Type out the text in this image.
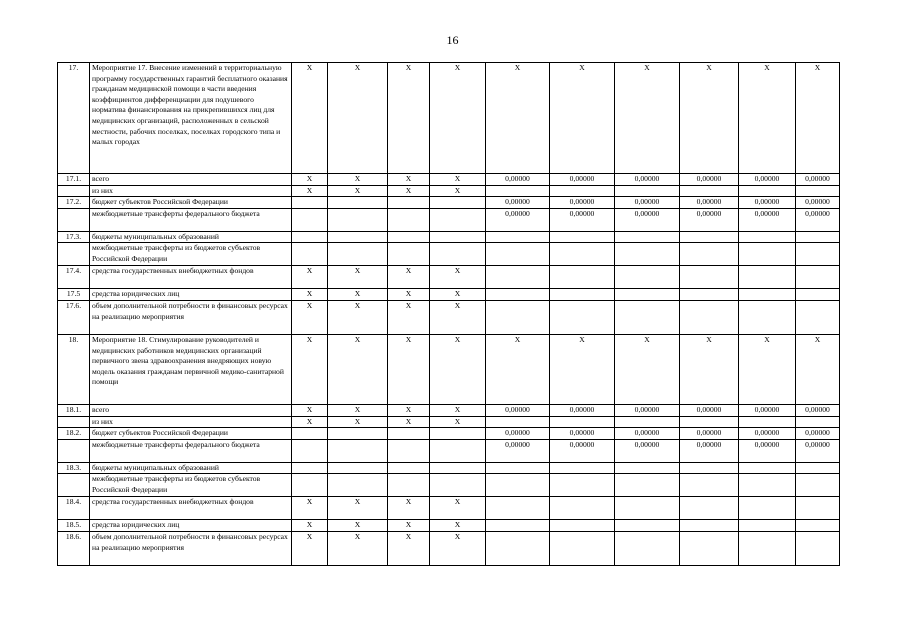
16
17.	Мероприятие 17. Внесение изменений в территориальную программу государственных гарантий бесплатного оказания гражданам медицинской помощи в части введения коэффициентов дифференциации для подушевого норматива финансирования на прикрепившихся лиц для медицинских организаций, расположенных в сельской местности, рабочих поселках, поселках городского типа и малых городах	X	X	X	X	X	X	X	X	X	X
17.1.	всего	X	X	X	X	0,00000	0,00000	0,00000	0,00000	0,00000	0,00000
	из них	X	X	X	X						
17.2.	бюджет субъектов Российской Федерации					0,00000	0,00000	0,00000	0,00000	0,00000	0,00000
	межбюджетные трансферты федерального бюджета					0,00000	0,00000	0,00000	0,00000	0,00000	0,00000
17.3.	бюджеты муниципальных образований										
	межбюджетные трансферты из бюджетов субъектов Российской Федерации										
17.4.	средства государственных внебюджетных фондов	X	X	X	X						
17.5	средства юридических лиц	X	X	X	X						
17.6.	объем дополнительной потребности в финансовых ресурсах на реализацию мероприятия	X	X	X	X						
18.	Мероприятие 18. Стимулирование руководителей и медицинских работников медицинских организаций первичного звена здравоохранения внедряющих новую модель оказания гражданам первичной медико-санитарной помощи	X	X	X	X	X	X	X	X	X	X
18.1.	всего	X	X	X	X	0,00000	0,00000	0,00000	0,00000	0,00000	0,00000
	из них	X	X	X	X						
18.2.	бюджет субъектов Российской Федерации					0,00000	0,00000	0,00000	0,00000	0,00000	0,00000
	межбюджетные трансферты федерального бюджета					0,00000	0,00000	0,00000	0,00000	0,00000	0,00000
18.3.	бюджеты муниципальных образований										
	межбюджетные трансферты из бюджетов субъектов Российской Федерации										
18.4.	средства государственных внебюджетных фондов	X	X	X	X						
18.5.	средства юридических лиц	X	X	X	X						
18.6.	объем дополнительной потребности в финансовых ресурсах на реализацию мероприятия	X	X	X	X						
